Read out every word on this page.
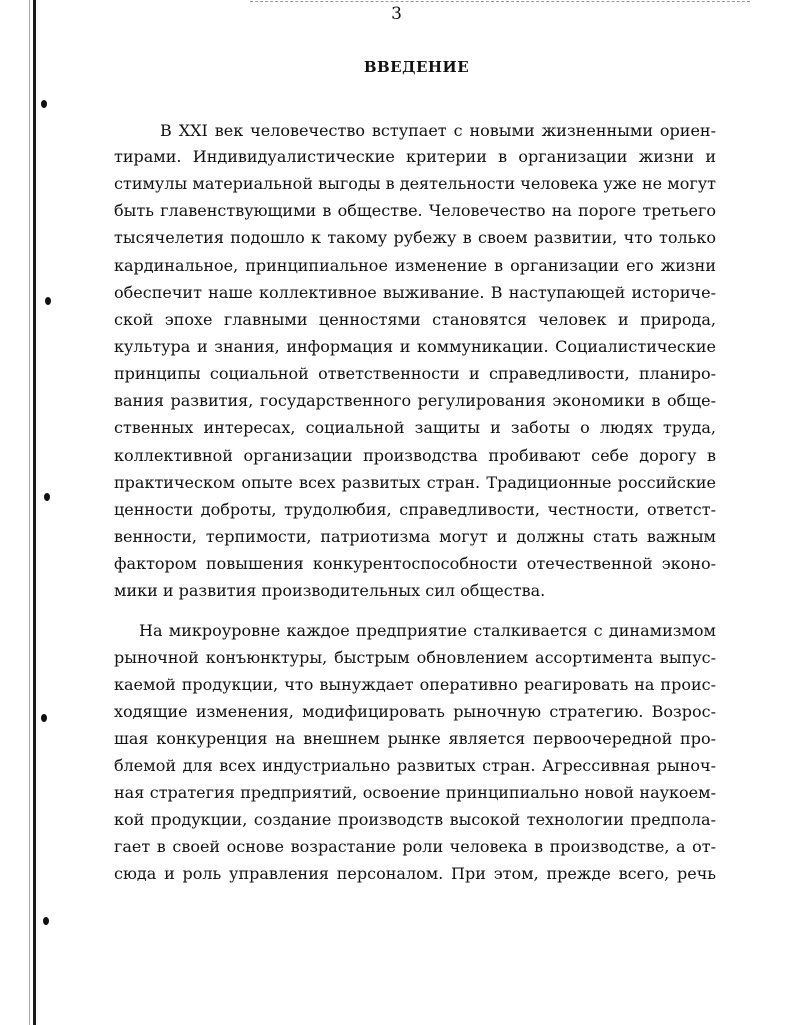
3
ВВЕДЕНИЕ
В XXI век человечество вступает с новыми жизненными ориен-
тирами. Индивидуалистические критерии в организации жизни и
стимулы материальной выгоды в деятельности человека уже не могут
быть главенствующими в обществе. Человечество на пороге третьего
тысячелетия подошло к такому рубежу в своем развитии, что только
кардинальное, принципиальное изменение в организации его жизни
обеспечит наше коллективное выживание. В наступающей историче-
ской эпохе главными ценностями становятся человек и природа,
культура и знания, информация и коммуникации. Социалистические
принципы социальной ответственности и справедливости, планиро-
вания развития, государственного регулирования экономики в обще-
ственных интересах, социальной защиты и заботы о людях труда,
коллективной организации производства пробивают себе дорогу в
практическом опыте всех развитых стран. Традиционные российские
ценности доброты, трудолюбия, справедливости, честности, ответст-
венности, терпимости, патриотизма могут и должны стать важным
фактором повышения конкурентоспособности отечественной эконо-
мики и развития производительных сил общества.
На микроуровне каждое предприятие сталкивается с динамизмом
рыночной конъюнктуры, быстрым обновлением ассортимента выпус-
каемой продукции, что вынуждает оперативно реагировать на проис-
ходящие изменения, модифицировать рыночную стратегию. Возрос-
шая конкуренция на внешнем рынке является первоочередной про-
блемой для всех индустриально развитых стран. Агрессивная рыноч-
ная стратегия предприятий, освоение принципиально новой наукоем-
кой продукции, создание производств высокой технологии предпола-
гает в своей основе возрастание роли человека в производстве, а от-
сюда и роль управления персоналом. При этом, прежде всего, речь
